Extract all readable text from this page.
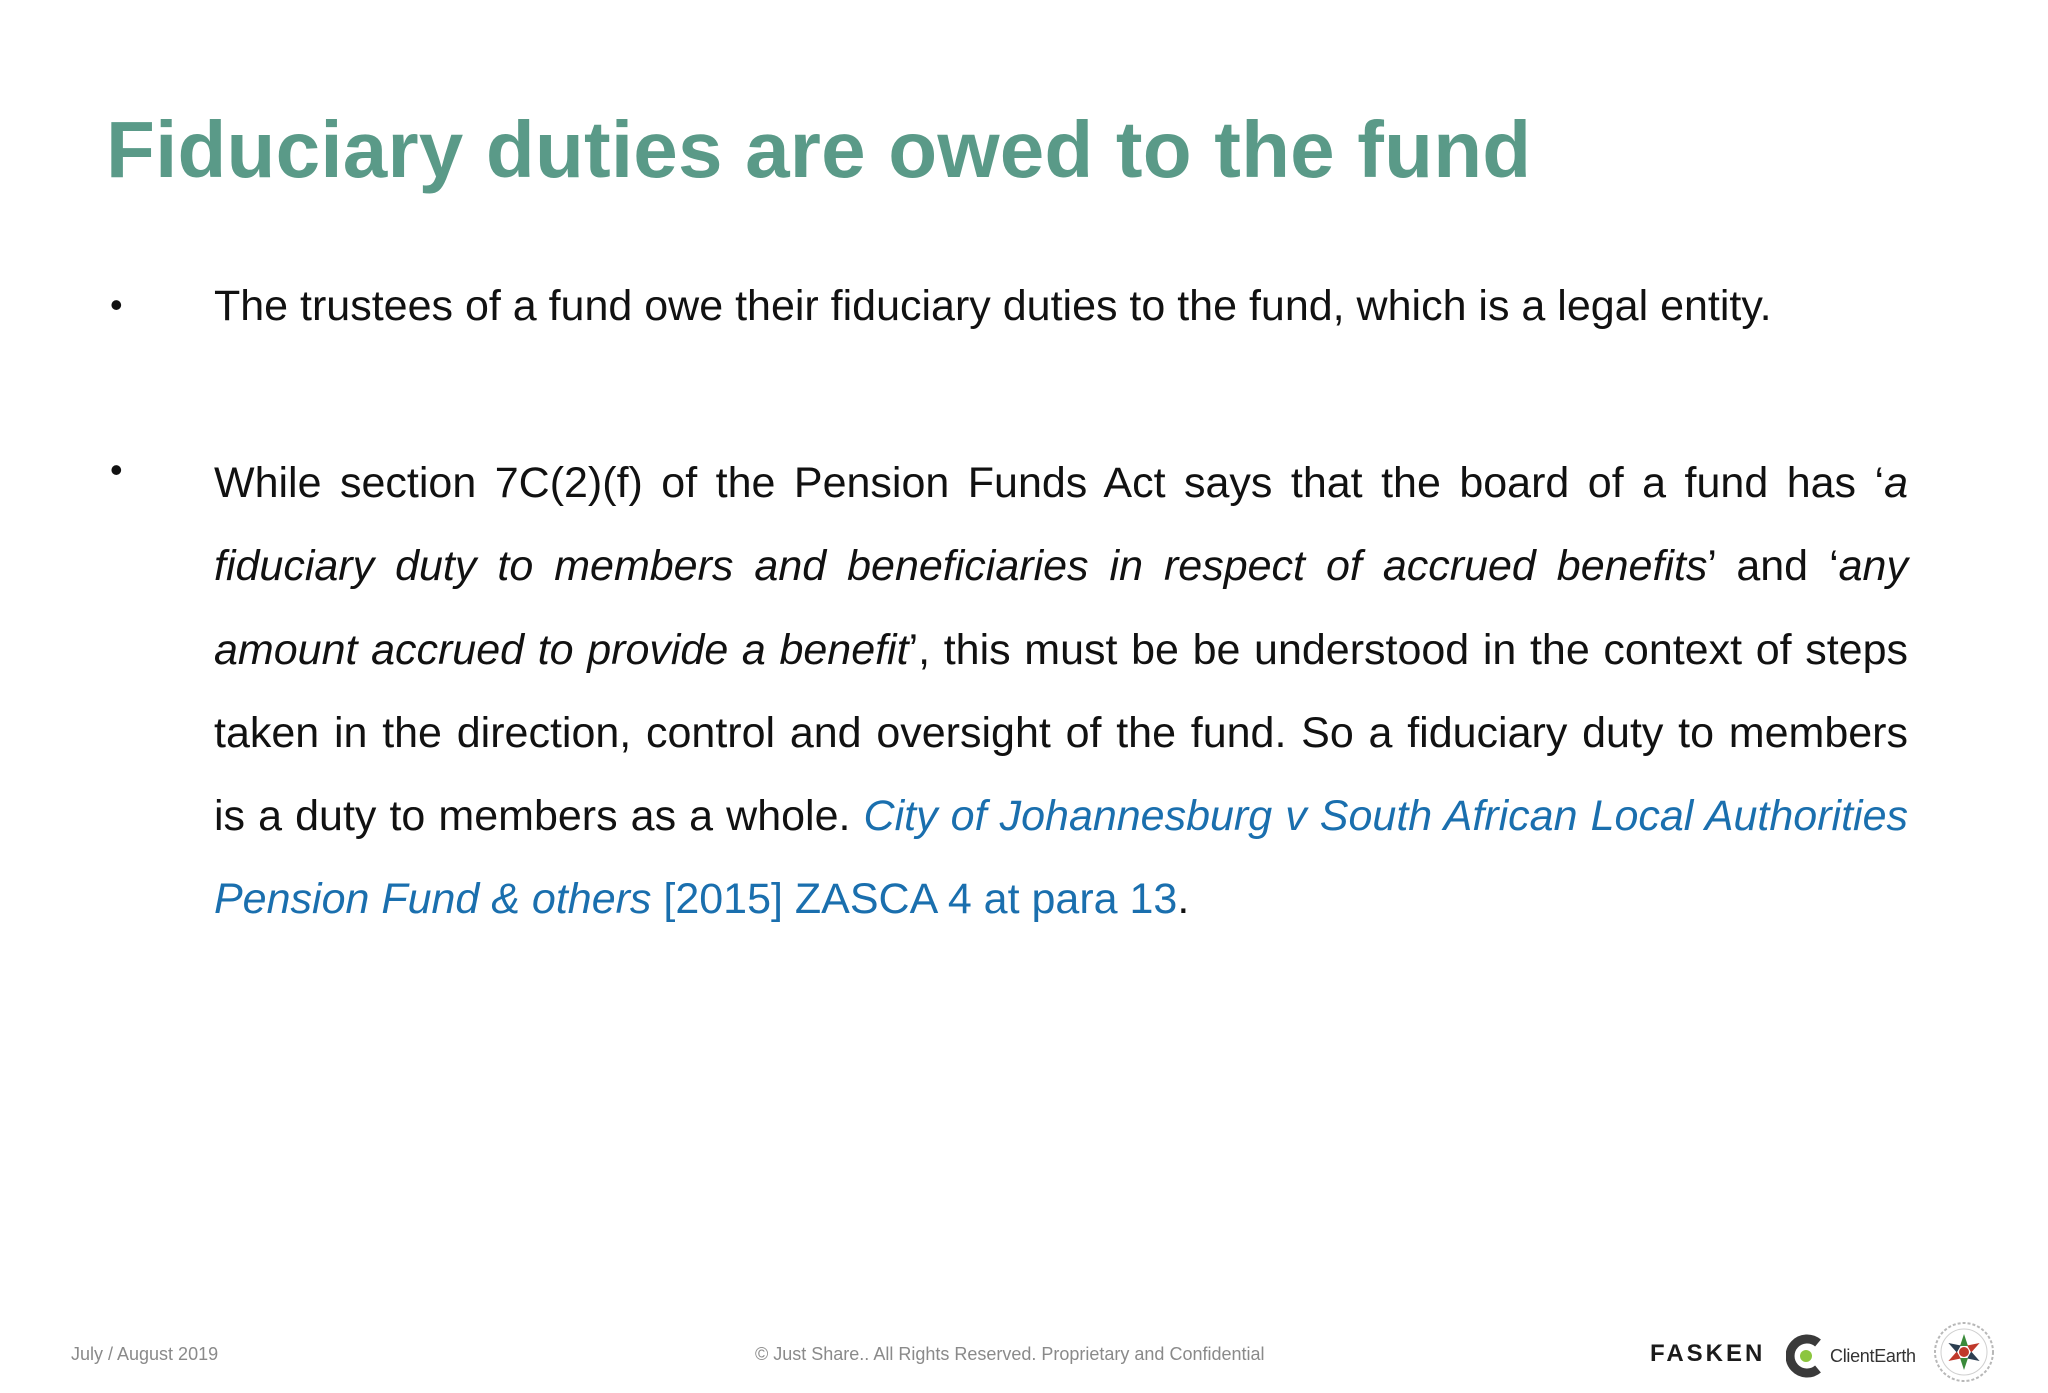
Fiduciary duties are owed to the fund
• The trustees of a fund owe their fiduciary duties to the fund, which is a legal entity.

• While section 7C(2)(f) of the Pension Funds Act says that the board of a fund has ‘a fiduciary duty to members and beneficiaries in respect of accrued benefits’ and ‘any amount accrued to provide a benefit’, this must be be understood in the context of steps taken in the direction, control and oversight of the fund. So a fiduciary duty to members is a duty to members as a whole. City of Johannesburg v South African Local Authorities Pension Fund & others [2015] ZASCA 4 at para 13.

July / August 2019	© Just Share.. All Rights Reserved. Proprietary and Confidential	FASKEN	ClientEarth
